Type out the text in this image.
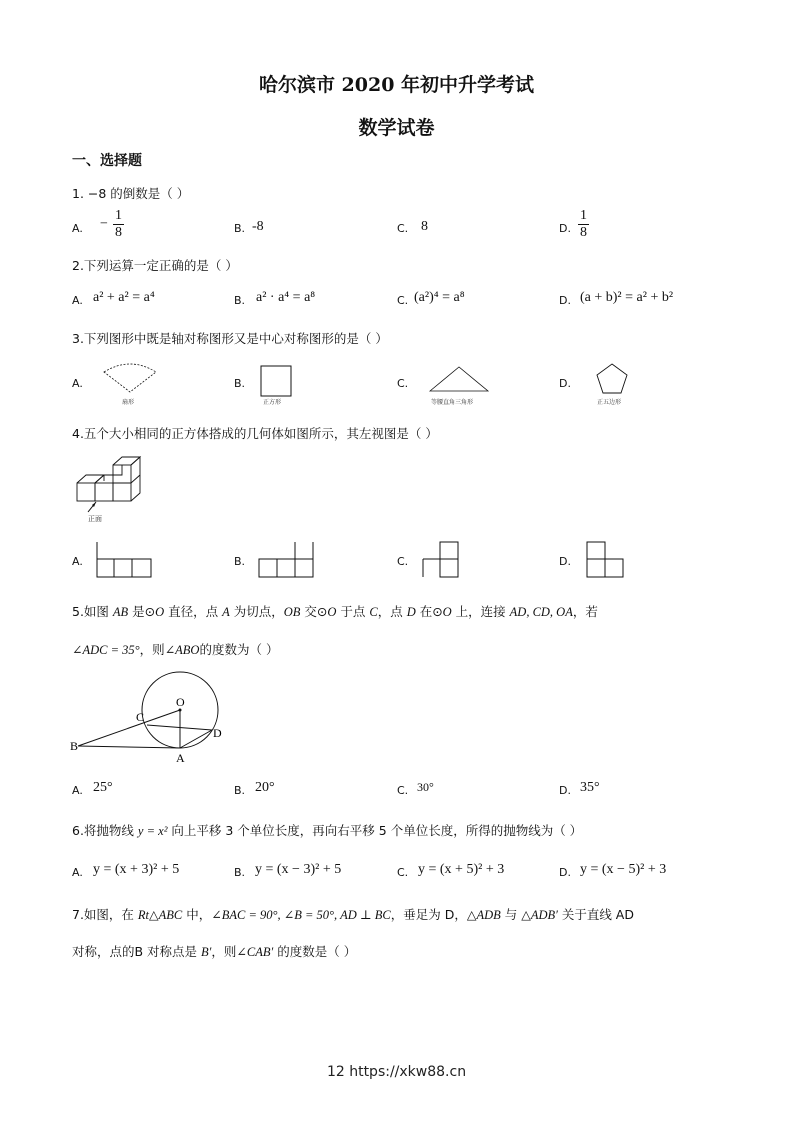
哈尔滨市 2020 年初中升学考试
数学试卷
一、选择题
1. −8 的倒数是（ ）
A. − $\frac{1}{8}$	B. -8	C. 8	D. $\frac{1}{8}$
2.下列运算一定正确的是（ ）
A. a² + a² = a⁴	B. a² · a⁴ = a⁸	C. (a²)⁴ = a⁸	D. (a + b)² = a² + b²
3.下列图形中既是轴对称图形又是中心对称图形的是（ ）
A.
扇形
B.
正方形
C.
等腰直角三角形
D.
正五边形
4.五个大小相同的正方体搭成的几何体如图所示，其左视图是（ ）
正面
A.	B.	C.	D.
5.如图 AB 是⊙O 直径，点 A 为切点，OB 交⊙O 于点 C，点 D 在⊙O 上，连接 AD, CD, OA，若
∠ADC = 35°，则∠ABO的度数为（ ）
O
C
D
B
A
A. 25°	B. 20°	C. 30°	D. 35°
6.将抛物线 y = x² 向上平移 3 个单位长度，再向右平移 5 个单位长度，所得的抛物线为（ ）
A. y = (x + 3)² + 5	B. y = (x − 3)² + 5	C. y = (x + 5)² + 3	D. y = (x − 5)² + 3
7.如图，在 Rt△ABC 中，∠BAC = 90°, ∠B = 50°, AD ⊥ BC，垂足为 D，△ADB 与 △ADB′ 关于直线 AD
对称，点的B 对称点是 B′，则∠CAB′ 的度数是（ ）
12 https://xkw88.cn
